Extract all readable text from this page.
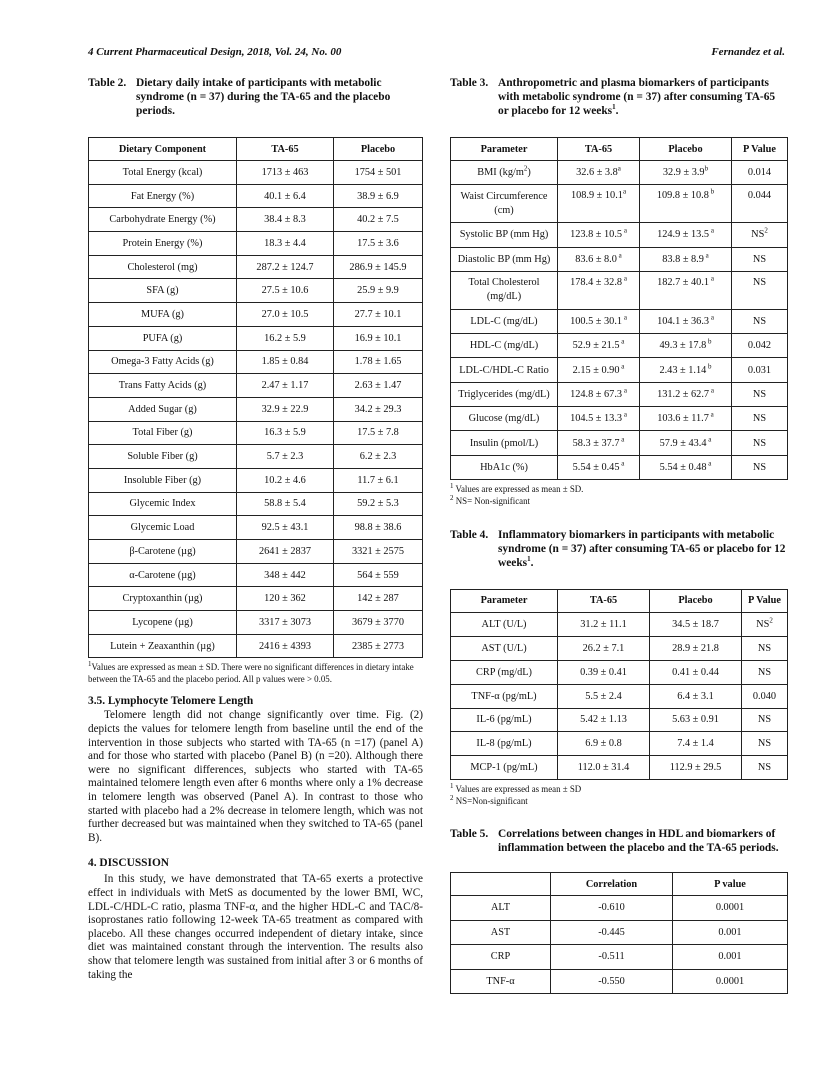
4 Current Pharmaceutical Design, 2018, Vol. 24, No. 00	Fernandez et al.
Table 2. Dietary daily intake of participants with metabolic syndrome (n = 37) during the TA-65 and the placebo periods.
Dietary Component	TA-65	Placebo
Total Energy (kcal)	1713 ± 463	1754 ± 501
Fat Energy (%)	40.1 ± 6.4	38.9 ± 6.9
Carbohydrate Energy (%)	38.4 ± 8.3	40.2 ± 7.5
Protein Energy (%)	18.3 ± 4.4	17.5 ± 3.6
Cholesterol (mg)	287.2 ± 124.7	286.9 ± 145.9
SFA (g)	27.5 ± 10.6	25.9 ± 9.9
MUFA (g)	27.0 ± 10.5	27.7 ± 10.1
PUFA (g)	16.2 ± 5.9	16.9 ± 10.1
Omega-3 Fatty Acids (g)	1.85 ± 0.84	1.78 ± 1.65
Trans Fatty Acids (g)	2.47 ± 1.17	2.63 ± 1.47
Added Sugar (g)	32.9 ± 22.9	34.2 ± 29.3
Total Fiber (g)	16.3 ± 5.9	17.5 ± 7.8
Soluble Fiber (g)	5.7 ± 2.3	6.2 ± 2.3
Insoluble Fiber (g)	10.2 ± 4.6	11.7 ± 6.1
Glycemic Index	58.8 ± 5.4	59.2 ± 5.3
Glycemic Load	92.5 ± 43.1	98.8 ± 38.6
β-Carotene (µg)	2641 ± 2837	3321 ± 2575
α-Carotene (µg)	348 ± 442	564 ± 559
Cryptoxanthin (µg)	120 ± 362	142 ± 287
Lycopene (µg)	3317 ± 3073	3679 ± 3770
Lutein + Zeaxanthin (µg)	2416 ± 4393	2385 ± 2773
$^1$Values are expressed as mean ± SD. There were no significant differences in dietary intake between the TA-65 and the placebo period. All p values were > 0.05.
3.5. Lymphocyte Telomere Length

Telomere length did not change significantly over time. Fig. (2) depicts the values for telomere length from baseline until the end of the intervention in those subjects who started with TA-65 (n =17) (panel A) and for those who started with placebo (Panel B) (n =20). Although there were no significant differences, subjects who started with TA-65 maintained telomere length even after 6 months where only a 1% decrease in telomere length was observed (Panel A). In contrast to those who started with placebo had a 2% decrease in telomere length, which was not further decreased but was maintained when they switched to TA-65 (panel B).

4. DISCUSSION

In this study, we have demonstrated that TA-65 exerts a protective effect in individuals with MetS as documented by the lower BMI, WC, LDL-C/HDL-C ratio, plasma TNF-α, and the higher HDL-C and TAC/8-isoprostanes ratio following 12-week TA-65 treatment as compared with placebo. All these changes occurred independent of dietary intake, since diet was maintained constant through the intervention. The results also show that telomere length was sustained from initial after 3 or 6 months of taking the

Table 3. Anthropometric and plasma biomarkers of participants with metabolic syndrome (n = 37) after consuming TA-65 or placebo for 12 weeks$^1$.
Parameter	TA-65	Placebo	P Value
BMI $(kg/m^2)$	32.6 ± 3.8$^a$	32.9 ± 3.9$^b$	0.014
Waist Circumference (cm)	108.9 ± 10.1$^a$	109.8 ± 10.8 $^b$	0.044
Systolic BP (mm Hg)	123.8 ± 10.5 $^a$	124.9 ± 13.5 $^a$	$NS^2$
Diastolic BP (mm Hg)	83.6 ± 8.0 $^a$	83.8 ± 8.9 $^a$	NS
Total Cholesterol (mg/dL)	178.4 ± 32.8 $^a$	182.7 ± 40.1 $^a$	NS
LDL-C (mg/dL)	100.5 ± 30.1 $^a$	104.1 ± 36.3 $^a$	NS
HDL-C (mg/dL)	52.9 ± 21.5 $^a$	49.3 ± 17.8 $^b$	0.042
LDL-C/HDL-C Ratio	2.15 ± 0.90 $^a$	2.43 ± 1.14 $^b$	0.031
Triglycerides (mg/dL)	124.8 ± 67.3 $^a$	131.2 ± 62.7 $^a$	NS
Glucose (mg/dL)	104.5 ± 13.3 $^a$	103.6 ± 11.7 $^a$	NS
Insulin (pmol/L)	58.3 ± 37.7 $^a$	57.9 ± 43.4 $^a$	NS
HbA1c (%)	5.54 ± 0.45 $^a$	5.54 ± 0.48 $^a$	NS
$^1$ Values are expressed as mean ± SD.
$^2$ NS= Non-significant
Table 4. Inflammatory biomarkers in participants with metabolic syndrome (n = 37) after consuming TA-65 or placebo for 12 weeks$^1$.
Parameter	TA-65	Placebo	P Value
ALT (U/L)	31.2 ± 11.1	34.5 ± 18.7	$NS^2$
AST (U/L)	26.2 ± 7.1	28.9 ± 21.8	NS
CRP (mg/dL)	0.39 ± 0.41	0.41 ± 0.44	NS
TNF-α (pg/mL)	5.5 ± 2.4	6.4 ± 3.1	0.040
IL-6 (pg/mL)	5.42 ± 1.13	5.63 ± 0.91	NS
IL-8 (pg/mL)	6.9 ± 0.8	7.4 ± 1.4	NS
MCP-1 (pg/mL)	112.0 ± 31.4	112.9 ± 29.5	NS
$^1$ Values are expressed as mean ± SD
$^2$ NS=Non-significant
Table 5. Correlations between changes in HDL and biomarkers of inflammation between the placebo and the TA-65 periods.
	Correlation	P value
ALT	-0.610	0.0001
AST	-0.445	0.001
CRP	-0.511	0.001
TNF-α	-0.550	0.0001
